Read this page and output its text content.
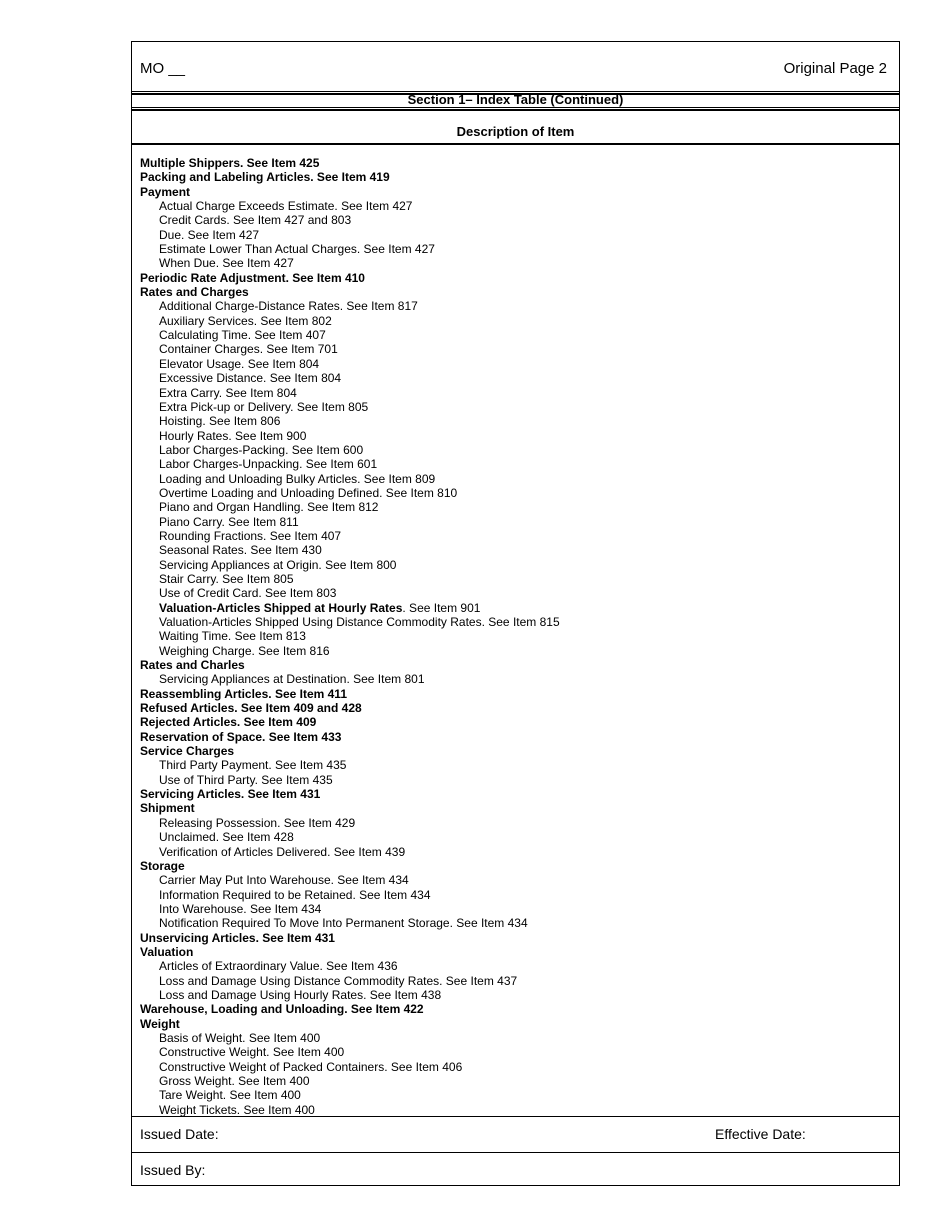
MO __	Original Page 2
Section 1– Index Table (Continued)
Description of Item
Multiple Shippers. See Item 425
Packing and Labeling Articles. See Item 419
Payment
Actual Charge Exceeds Estimate. See Item 427
Credit Cards. See Item 427 and 803
Due. See Item 427
Estimate Lower Than Actual Charges. See Item 427
When Due. See Item 427
Periodic Rate Adjustment. See Item 410
Rates and Charges
Additional Charge-Distance Rates. See Item 817
Auxiliary Services. See Item 802
Calculating Time. See Item 407
Container Charges. See Item 701
Elevator Usage. See Item 804
Excessive Distance. See Item 804
Extra Carry. See Item 804
Extra Pick-up or Delivery. See Item 805
Hoisting. See Item 806
Hourly Rates. See Item 900
Labor Charges-Packing. See Item 600
Labor Charges-Unpacking. See Item 601
Loading and Unloading Bulky Articles. See Item 809
Overtime Loading and Unloading Defined. See Item 810
Piano and Organ Handling. See Item 812
Piano Carry. See Item 811
Rounding Fractions. See Item 407
Seasonal Rates. See Item 430
Servicing Appliances at Origin. See Item 800
Stair Carry. See Item 805
Use of Credit Card. See Item 803
Valuation-Articles Shipped at Hourly Rates. See Item 901
Valuation-Articles Shipped Using Distance Commodity Rates. See Item 815
Waiting Time. See Item 813
Weighing Charge. See Item 816
Rates and Charles
Servicing Appliances at Destination. See Item 801
Reassembling Articles. See Item 411
Refused Articles. See Item 409 and 428
Rejected Articles. See Item 409
Reservation of Space. See Item 433
Service Charges
Third Party Payment. See Item 435
Use of Third Party. See Item 435
Servicing Articles. See Item 431
Shipment
Releasing Possession. See Item 429
Unclaimed. See Item 428
Verification of Articles Delivered. See Item 439
Storage
Carrier May Put Into Warehouse. See Item 434
Information Required to be Retained. See Item 434
Into Warehouse. See Item 434
Notification Required To Move Into Permanent Storage. See Item 434
Unservicing Articles. See Item 431
Valuation
Articles of Extraordinary Value. See Item 436
Loss and Damage Using Distance Commodity Rates. See Item 437
Loss and Damage Using Hourly Rates. See Item 438
Warehouse, Loading and Unloading. See Item 422
Weight
Basis of Weight. See Item 400
Constructive Weight. See Item 400
Constructive Weight of Packed Containers. See Item 406
Gross Weight. See Item 400
Tare Weight. See Item 400
Weight Tickets. See Item 400
Issued Date:	Effective Date:
Issued By:
